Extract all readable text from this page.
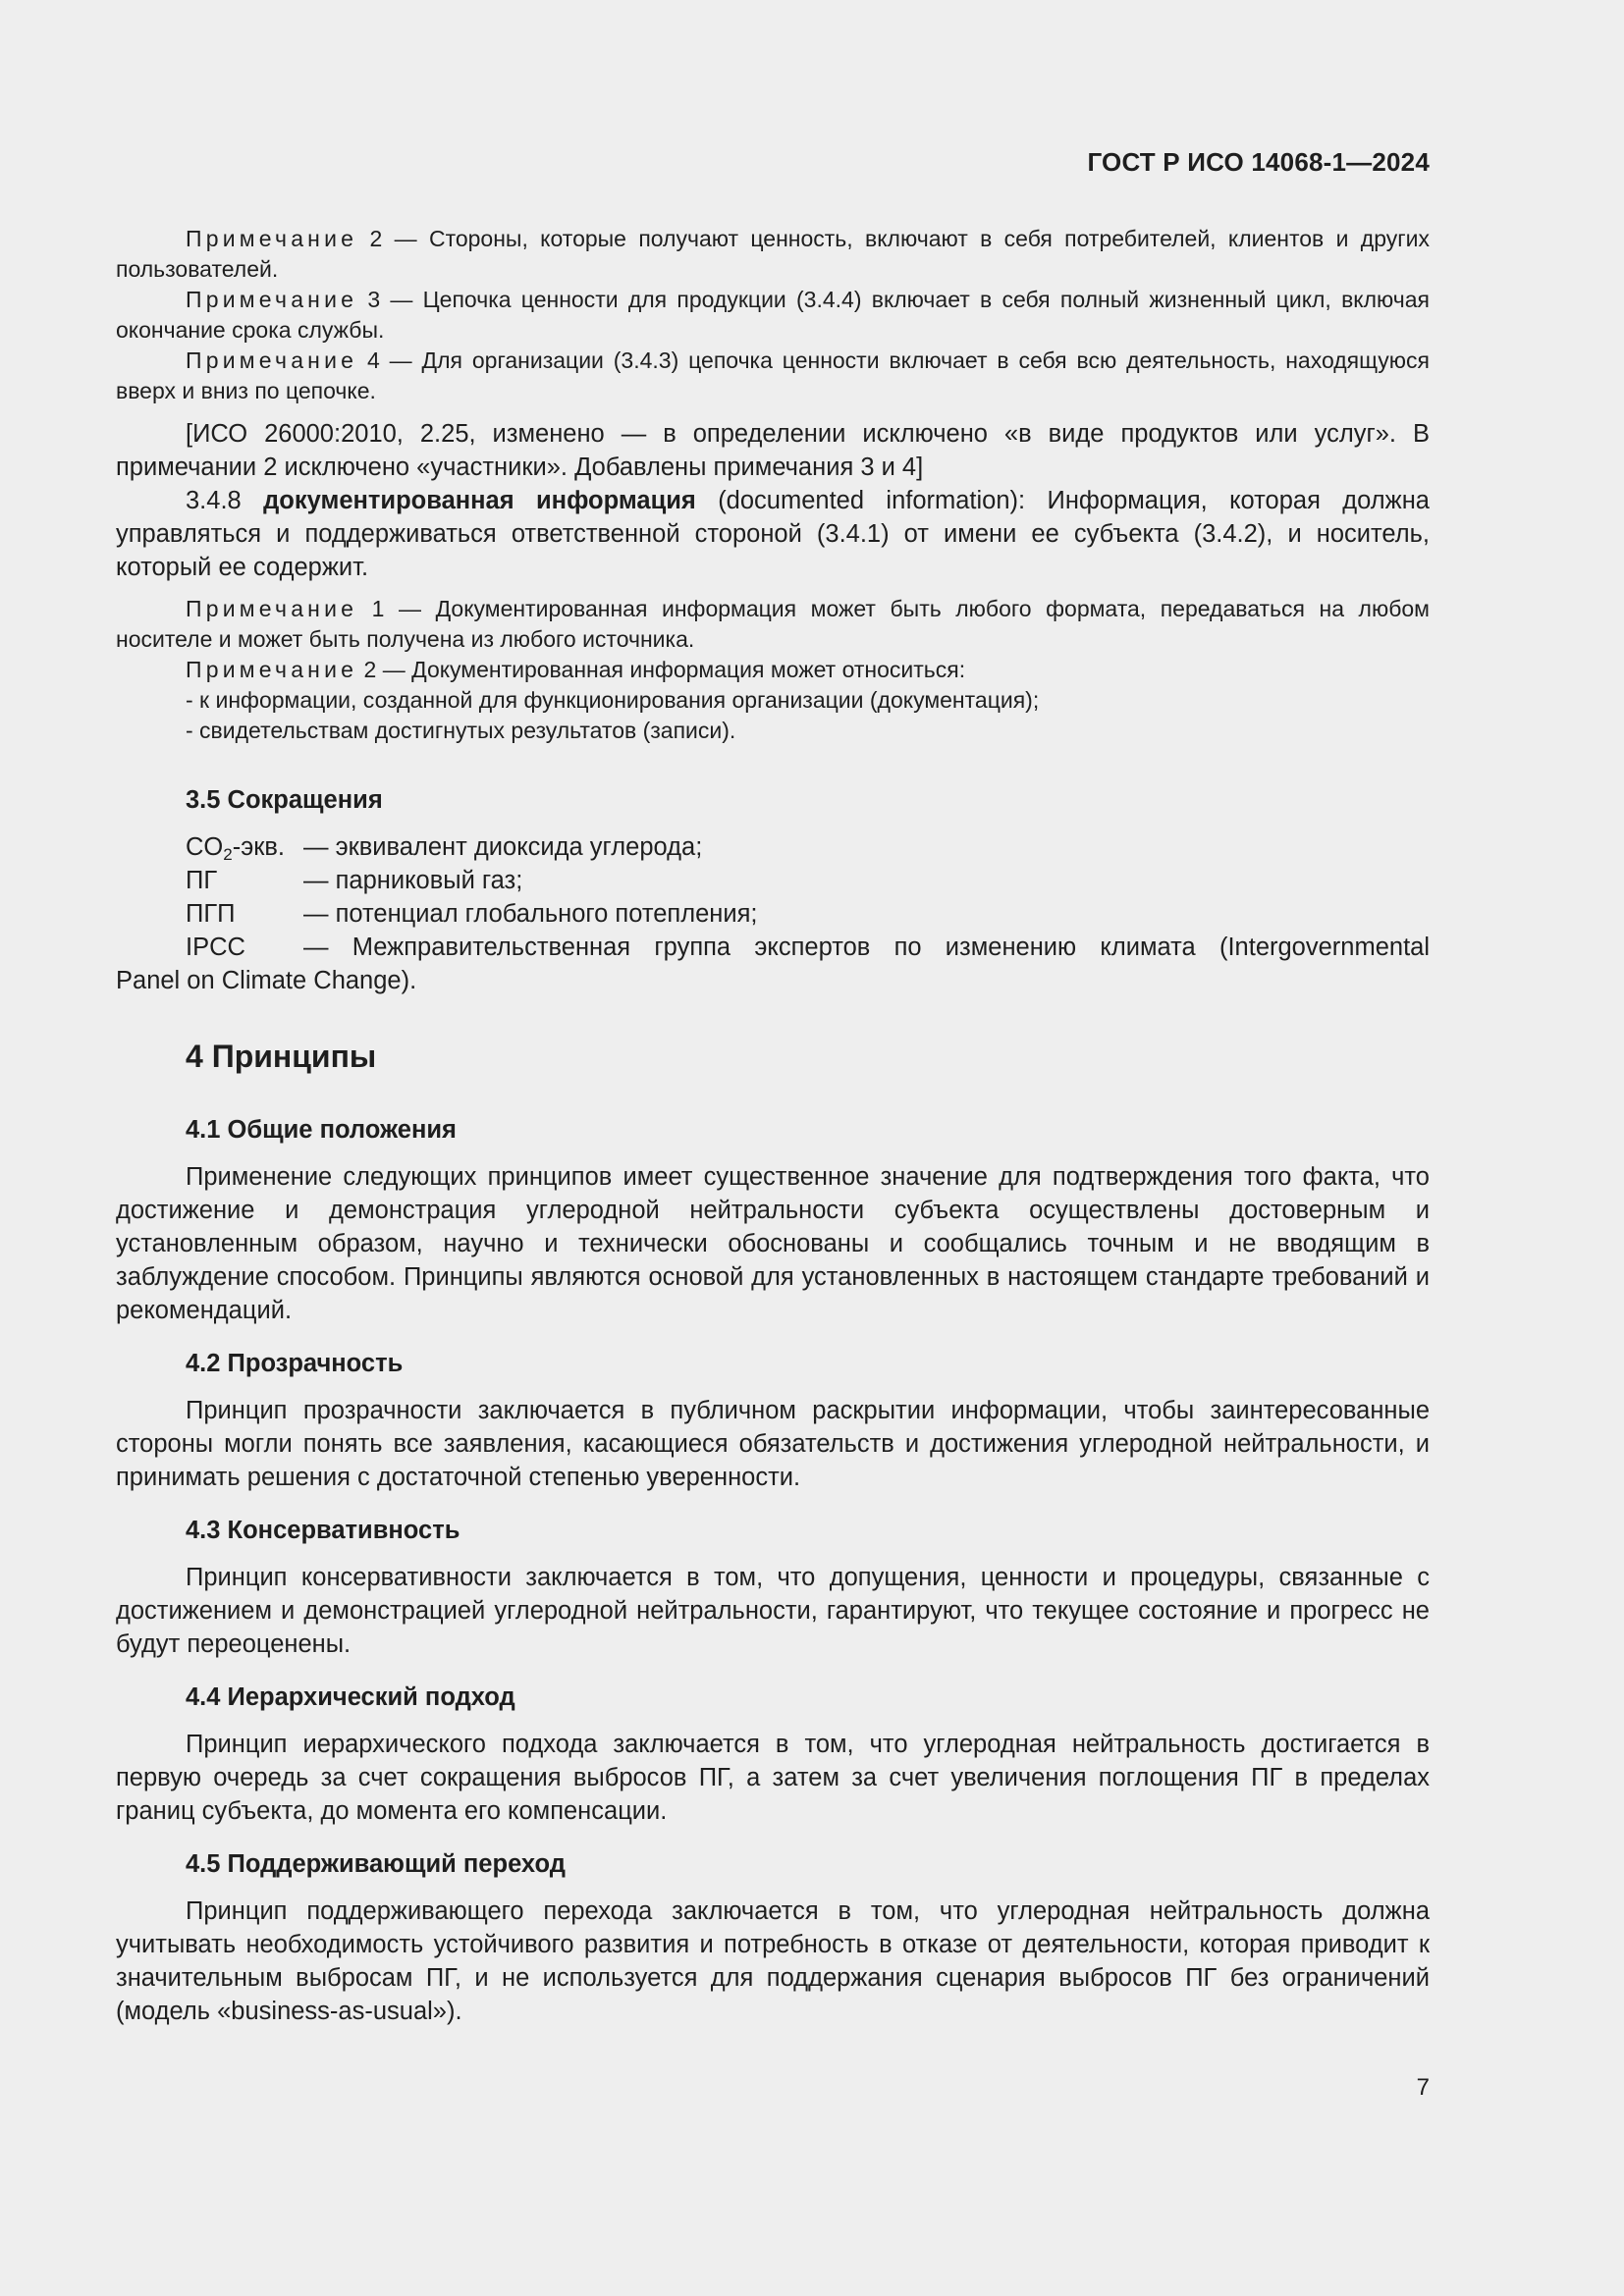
ГОСТ Р ИСО 14068-1—2024

Примечание 2 — Стороны, которые получают ценность, включают в себя потребителей, клиентов и других пользователей.

Примечание 3 — Цепочка ценности для продукции (3.4.4) включает в себя полный жизненный цикл, включая окончание срока службы.

Примечание 4 — Для организации (3.4.3) цепочка ценности включает в себя всю деятельность, находящуюся вверх и вниз по цепочке.

[ИСО 26000:2010, 2.25, изменено — в определении исключено «в виде продуктов или услуг». В примечании 2 исключено «участники». Добавлены примечания 3 и 4]

3.4.8 документированная информация (documented information): Информация, которая должна управляться и поддерживаться ответственной стороной (3.4.1) от имени ее субъекта (3.4.2), и носитель, который ее содержит.

Примечание 1 — Документированная информация может быть любого формата, передаваться на любом носителе и может быть получена из любого источника.

Примечание 2 — Документированная информация может относиться:

- к информации, созданной для функционирования организации (документация);

- свидетельствам достигнутых результатов (записи).

3.5 Сокращения
$CO_2$-экв. — эквивалент диоксида углерода;
ПГ	— парниковый газ;
ПГП	— потенциал глобального потепления;
IPCC	— Межправительственная группа экспертов по изменению климата (Intergovernmental
Panel on Climate Change).
4 Принципы
4.1 Общие положения

Применение следующих принципов имеет существенное значение для подтверждения того факта, что достижение и демонстрация углеродной нейтральности субъекта осуществлены достоверным и установленным образом, научно и технически обоснованы и сообщались точным и не вводящим в заблуждение способом. Принципы являются основой для установленных в настоящем стандарте требований и рекомендаций.

4.2 Прозрачность

Принцип прозрачности заключается в публичном раскрытии информации, чтобы заинтересованные стороны могли понять все заявления, касающиеся обязательств и достижения углеродной нейтральности, и принимать решения с достаточной степенью уверенности.

4.3 Консервативность

Принцип консервативности заключается в том, что допущения, ценности и процедуры, связанные с достижением и демонстрацией углеродной нейтральности, гарантируют, что текущее состояние и прогресс не будут переоценены.

4.4 Иерархический подход

Принцип иерархического подхода заключается в том, что углеродная нейтральность достигается в первую очередь за счет сокращения выбросов ПГ, а затем за счет увеличения поглощения ПГ в пределах границ субъекта, до момента его компенсации.

4.5 Поддерживающий переход

Принцип поддерживающего перехода заключается в том, что углеродная нейтральность должна учитывать необходимость устойчивого развития и потребность в отказе от деятельности, которая приводит к значительным выбросам ПГ, и не используется для поддержания сценария выбросов ПГ без ограничений (модель «business-as-usual»).

7
